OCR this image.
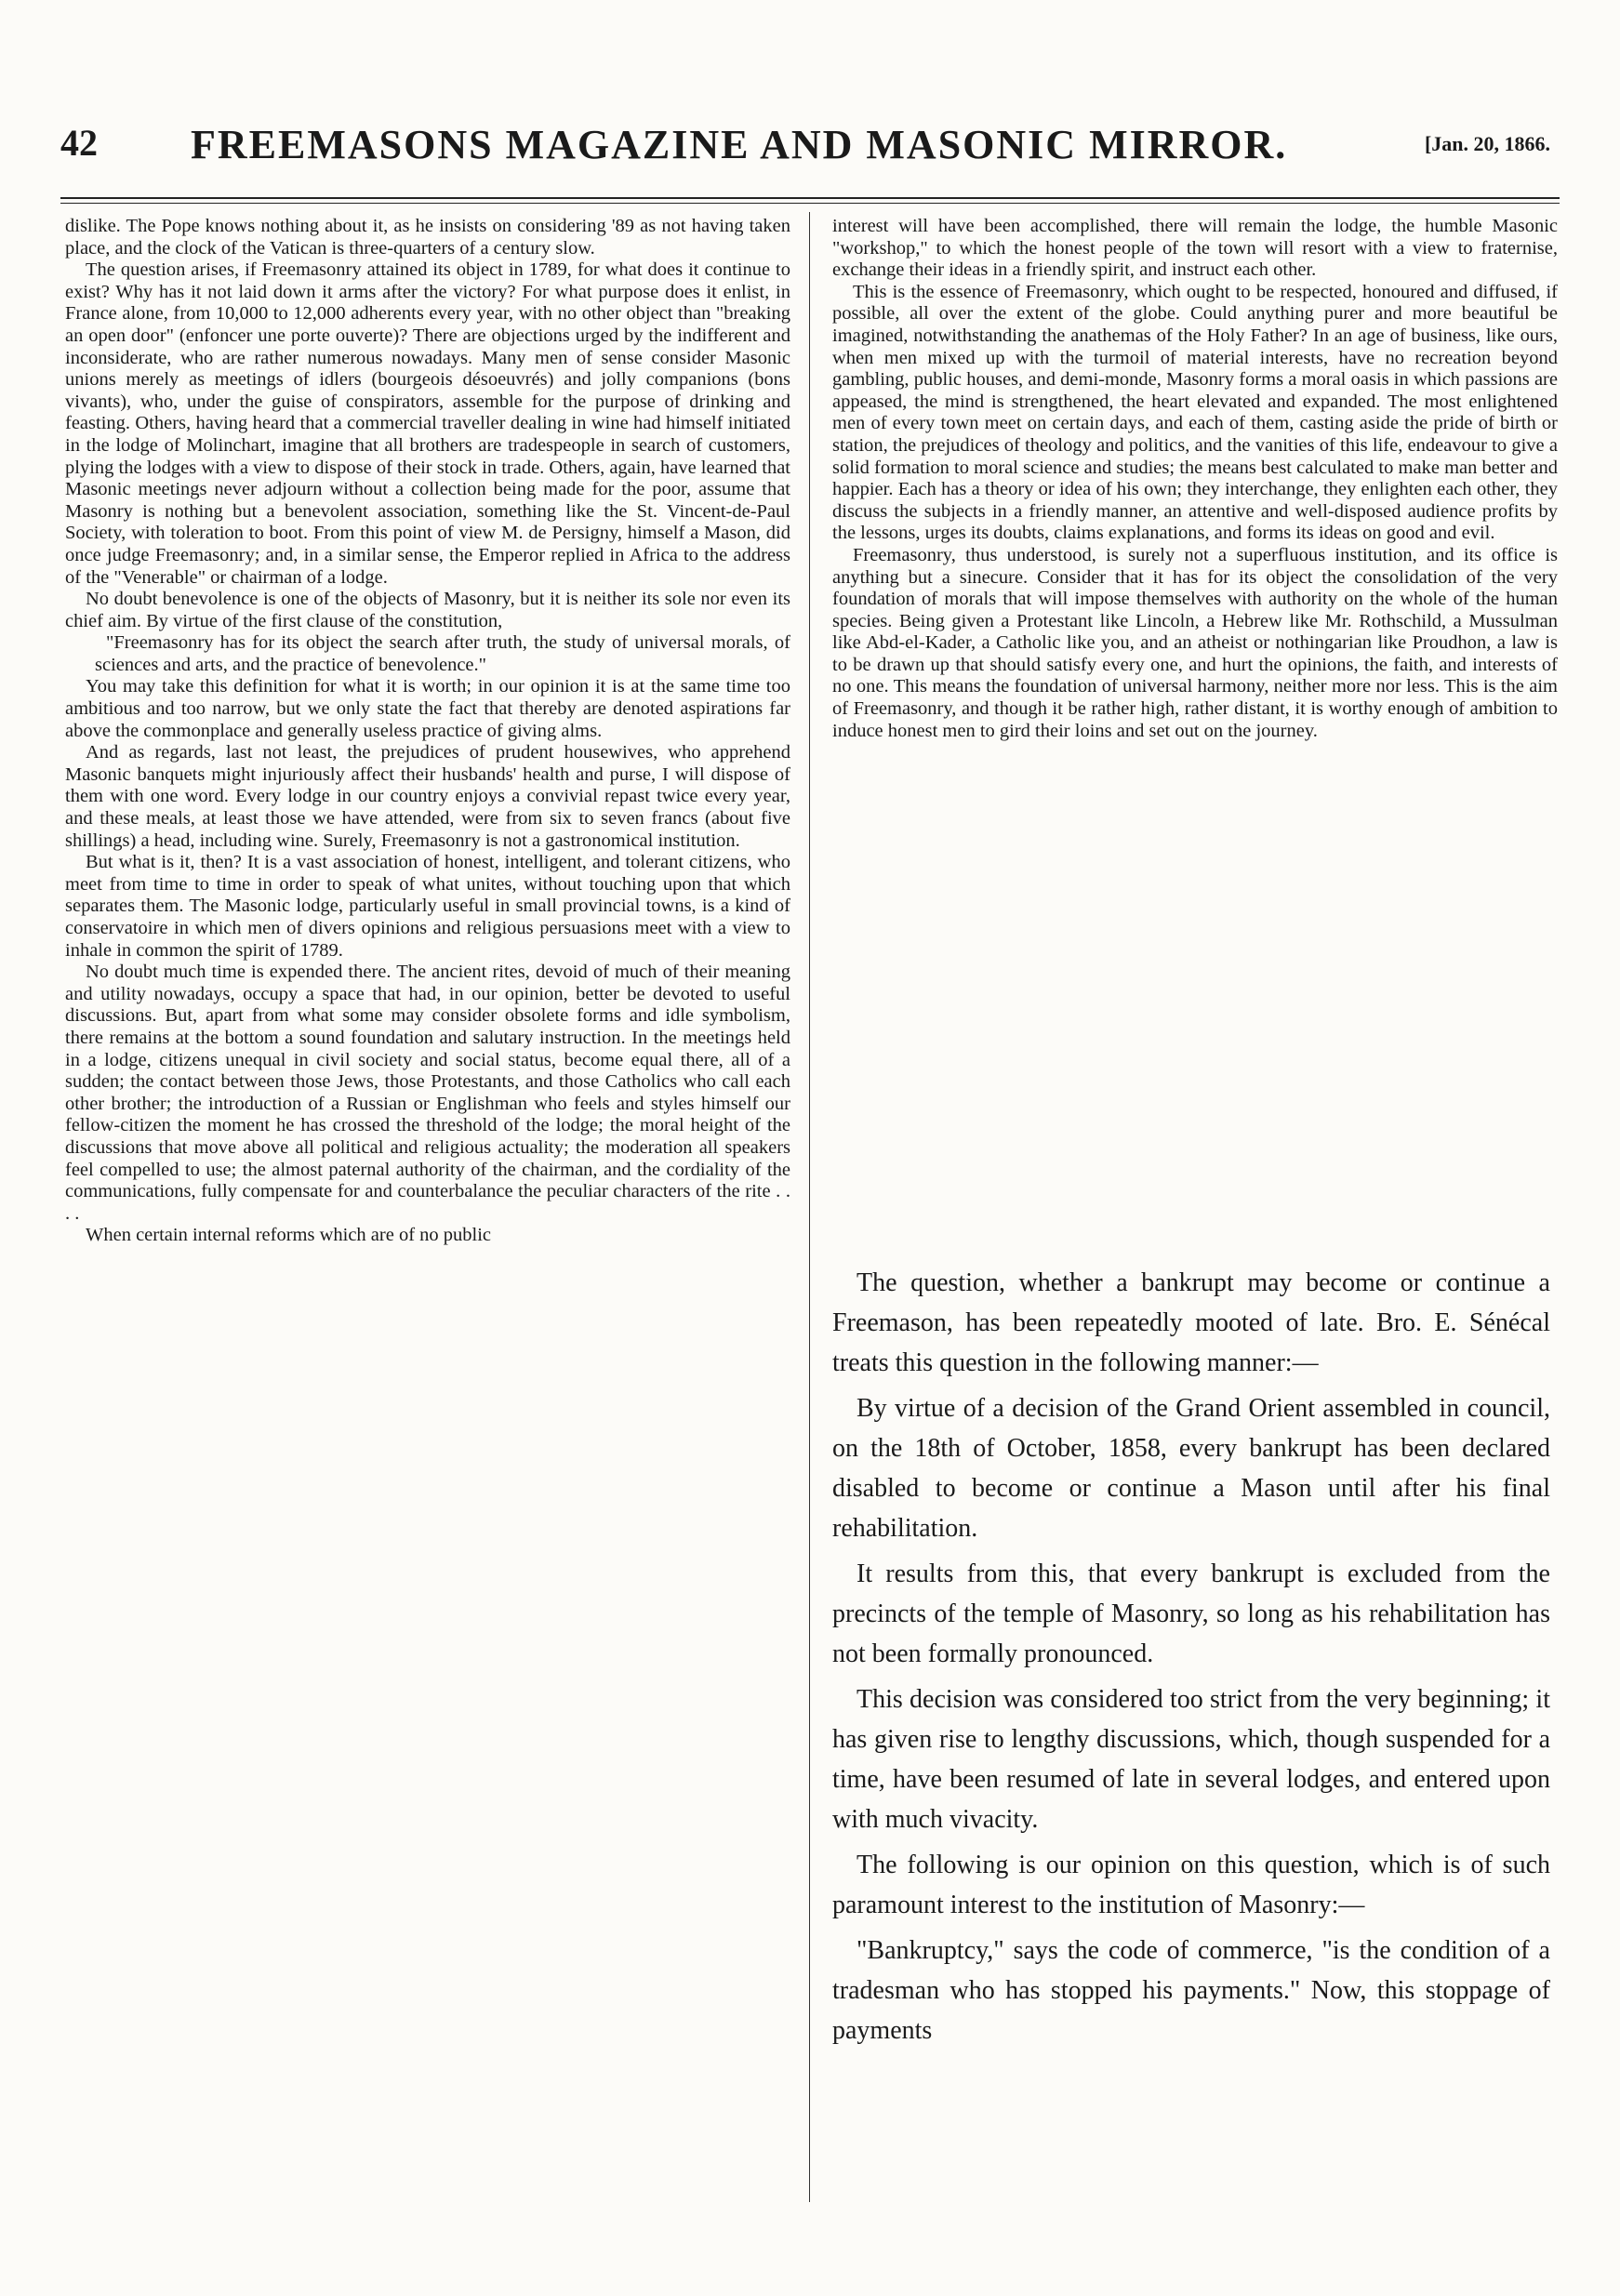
42 FREEMASONS MAGAZINE AND MASONIC MIRROR.	[Jan. 20, 1866.

dislike. The Pope knows nothing about it, as he insists on considering '89 as not having taken place, and the clock of the Vatican is three-quarters of a century slow.

The question arises, if Freemasonry attained its object in 1789, for what does it continue to exist? Why has it not laid down it arms after the victory? For what purpose does it enlist, in France alone, from 10,000 to 12,000 adherents every year, with no other object than "breaking an open door" (enfoncer une porte ouverte)? There are objections urged by the indifferent and inconsiderate, who are rather numerous nowadays. Many men of sense consider Masonic unions merely as meetings of idlers (bourgeois désoeuvrés) and jolly companions (bons vivants), who, under the guise of conspirators, assemble for the purpose of drinking and feasting. Others, having heard that a commercial traveller dealing in wine had himself initiated in the lodge of Molinchart, imagine that all brothers are tradespeople in search of customers, plying the lodges with a view to dispose of their stock in trade. Others, again, have learned that Masonic meetings never adjourn without a collection being made for the poor, assume that Masonry is nothing but a benevolent association, something like the St. Vincent-de-Paul Society, with toleration to boot. From this point of view M. de Persigny, himself a Mason, did once judge Freemasonry; and, in a similar sense, the Emperor replied in Africa to the address of the "Venerable" or chairman of a lodge.

No doubt benevolence is one of the objects of Masonry, but it is neither its sole nor even its chief aim. By virtue of the first clause of the constitution,

"Freemasonry has for its object the search after truth, the study of universal morals, of sciences and arts, and the practice of benevolence."

You may take this definition for what it is worth; in our opinion it is at the same time too ambitious and too narrow, but we only state the fact that thereby are denoted aspirations far above the commonplace and generally useless practice of giving alms.

And as regards, last not least, the prejudices of prudent housewives, who apprehend Masonic banquets might injuriously affect their husbands' health and purse, I will dispose of them with one word. Every lodge in our country enjoys a convivial repast twice every year, and these meals, at least those we have attended, were from six to seven francs (about five shillings) a head, including wine. Surely, Freemasonry is not a gastronomical institution.

But what is it, then? It is a vast association of honest, intelligent, and tolerant citizens, who meet from time to time in order to speak of what unites, without touching upon that which separates them. The Masonic lodge, particularly useful in small provincial towns, is a kind of conservatoire in which men of divers opinions and religious persuasions meet with a view to inhale in common the spirit of 1789.

No doubt much time is expended there. The ancient rites, devoid of much of their meaning and utility nowadays, occupy a space that had, in our opinion, better be devoted to useful discussions. But, apart from what some may consider obsolete forms and idle symbolism, there remains at the bottom a sound foundation and salutary instruction. In the meetings held in a lodge, citizens unequal in civil society and social status, become equal there, all of a sudden; the contact between those Jews, those Protestants, and those Catholics who call each other brother; the introduction of a Russian or Englishman who feels and styles himself our fellow-citizen the moment he has crossed the threshold of the lodge; the moral height of the discussions that move above all political and religious actuality; the moderation all speakers feel compelled to use; the almost paternal authority of the chairman, and the cordiality of the communications, fully compensate for and counterbalance the peculiar characters of the rite . . . .

When certain internal reforms which are of no public

interest will have been accomplished, there will remain the lodge, the humble Masonic "workshop," to which the honest people of the town will resort with a view to fraternise, exchange their ideas in a friendly spirit, and instruct each other.

This is the essence of Freemasonry, which ought to be respected, honoured and diffused, if possible, all over the extent of the globe. Could anything purer and more beautiful be imagined, notwithstanding the anathemas of the Holy Father? In an age of business, like ours, when men mixed up with the turmoil of material interests, have no recreation beyond gambling, public houses, and demi-monde, Masonry forms a moral oasis in which passions are appeased, the mind is strengthened, the heart elevated and expanded. The most enlightened men of every town meet on certain days, and each of them, casting aside the pride of birth or station, the prejudices of theology and politics, and the vanities of this life, endeavour to give a solid formation to moral science and studies; the means best calculated to make man better and happier. Each has a theory or idea of his own; they interchange, they enlighten each other, they discuss the subjects in a friendly manner, an attentive and well-disposed audience profits by the lessons, urges its doubts, claims explanations, and forms its ideas on good and evil.

Freemasonry, thus understood, is surely not a superfluous institution, and its office is anything but a sinecure. Consider that it has for its object the consolidation of the very foundation of morals that will impose themselves with authority on the whole of the human species. Being given a Protestant like Lincoln, a Hebrew like Mr. Rothschild, a Mussulman like Abd-el-Kader, a Catholic like you, and an atheist or nothingarian like Proudhon, a law is to be drawn up that should satisfy every one, and hurt the opinions, the faith, and interests of no one. This means the foundation of universal harmony, neither more nor less. This is the aim of Freemasonry, and though it be rather high, rather distant, it is worthy enough of ambition to induce honest men to gird their loins and set out on the journey.

The question, whether a bankrupt may become or continue a Freemason, has been repeatedly mooted of late. Bro. E. Sénécal treats this question in the following manner:—

By virtue of a decision of the Grand Orient assembled in council, on the 18th of October, 1858, every bankrupt has been declared disabled to become or continue a Mason until after his final rehabilitation.

It results from this, that every bankrupt is excluded from the precincts of the temple of Masonry, so long as his rehabilitation has not been formally pronounced.

This decision was considered too strict from the very beginning; it has given rise to lengthy discussions, which, though suspended for a time, have been resumed of late in several lodges, and entered upon with much vivacity.

The following is our opinion on this question, which is of such paramount interest to the institution of Masonry:—

"Bankruptcy," says the code of commerce, "is the condition of a tradesman who has stopped his payments." Now, this stoppage of payments
